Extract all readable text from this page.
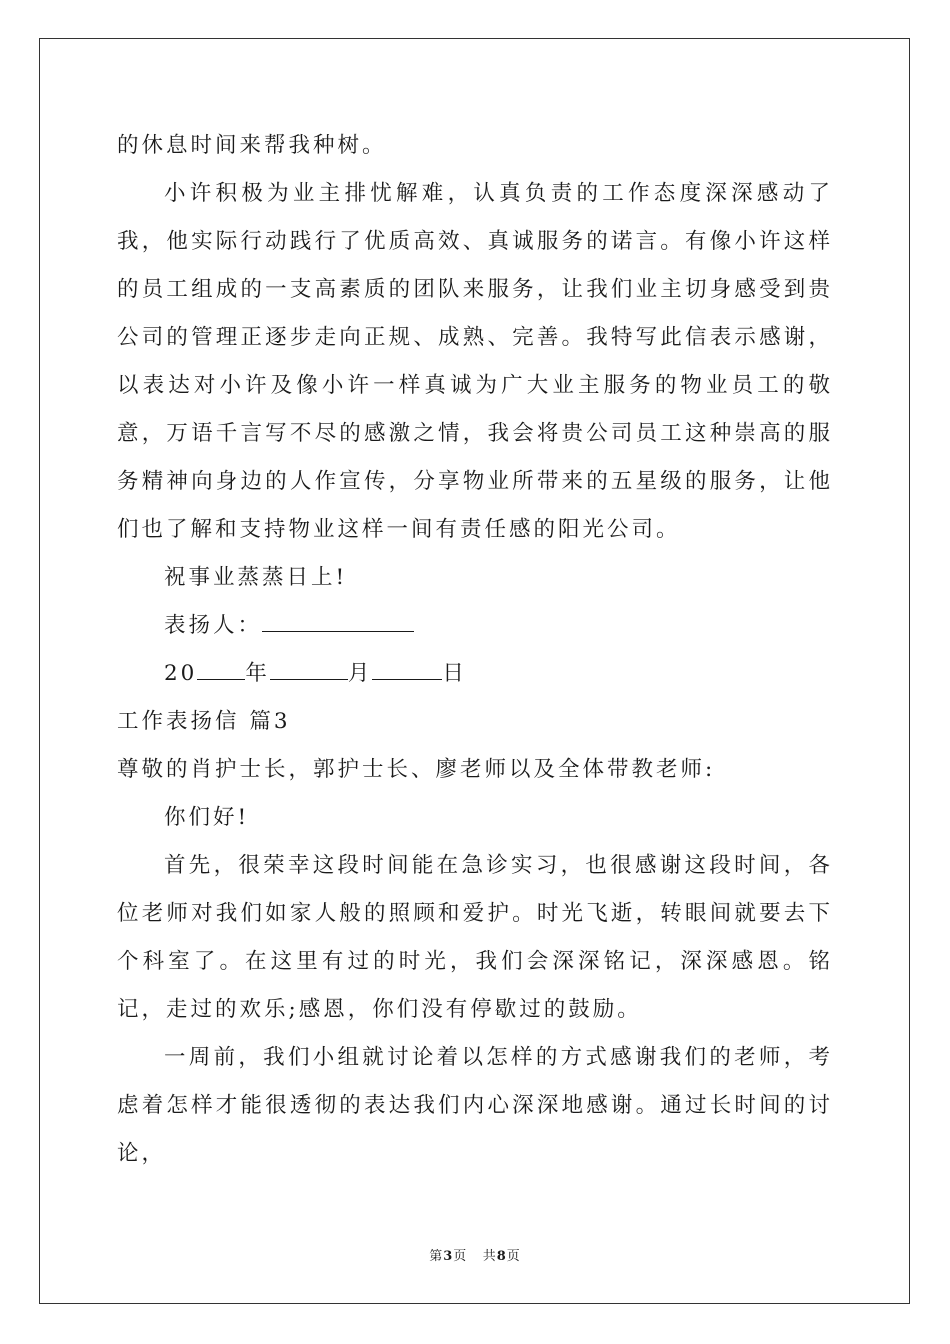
的休息时间来帮我种树。

小许积极为业主排忧解难，认真负责的工作态度深深感动了我，他实际行动践行了优质高效、真诚服务的诺言。有像小许这样的员工组成的一支高素质的团队来服务，让我们业主切身感受到贵公司的管理正逐步走向正规、成熟、完善。我特写此信表示感谢，以表达对小许及像小许一样真诚为广大业主服务的物业员工的敬意，万语千言写不尽的感激之情，我会将贵公司员工这种崇高的服务精神向身边的人作宣传，分享物业所带来的五星级的服务，让他们也了解和支持物业这样一间有责任感的阳光公司。

祝事业蒸蒸日上!

表扬人：

20 年	月	日

工作表扬信 篇3

尊敬的肖护士长，郭护士长、廖老师以及全体带教老师:

你们好!

首先，很荣幸这段时间能在急诊实习，也很感谢这段时间，各位老师对我们如家人般的照顾和爱护。时光飞逝，转眼间就要去下个科室了。在这里有过的时光，我们会深深铭记，深深感恩。铭记，走过的欢乐;感恩，你们没有停歇过的鼓励。

一周前，我们小组就讨论着以怎样的方式感谢我们的老师，考虑着怎样才能很透彻的表达我们内心深深地感谢。通过长时间的讨论，

第3页 共8页
